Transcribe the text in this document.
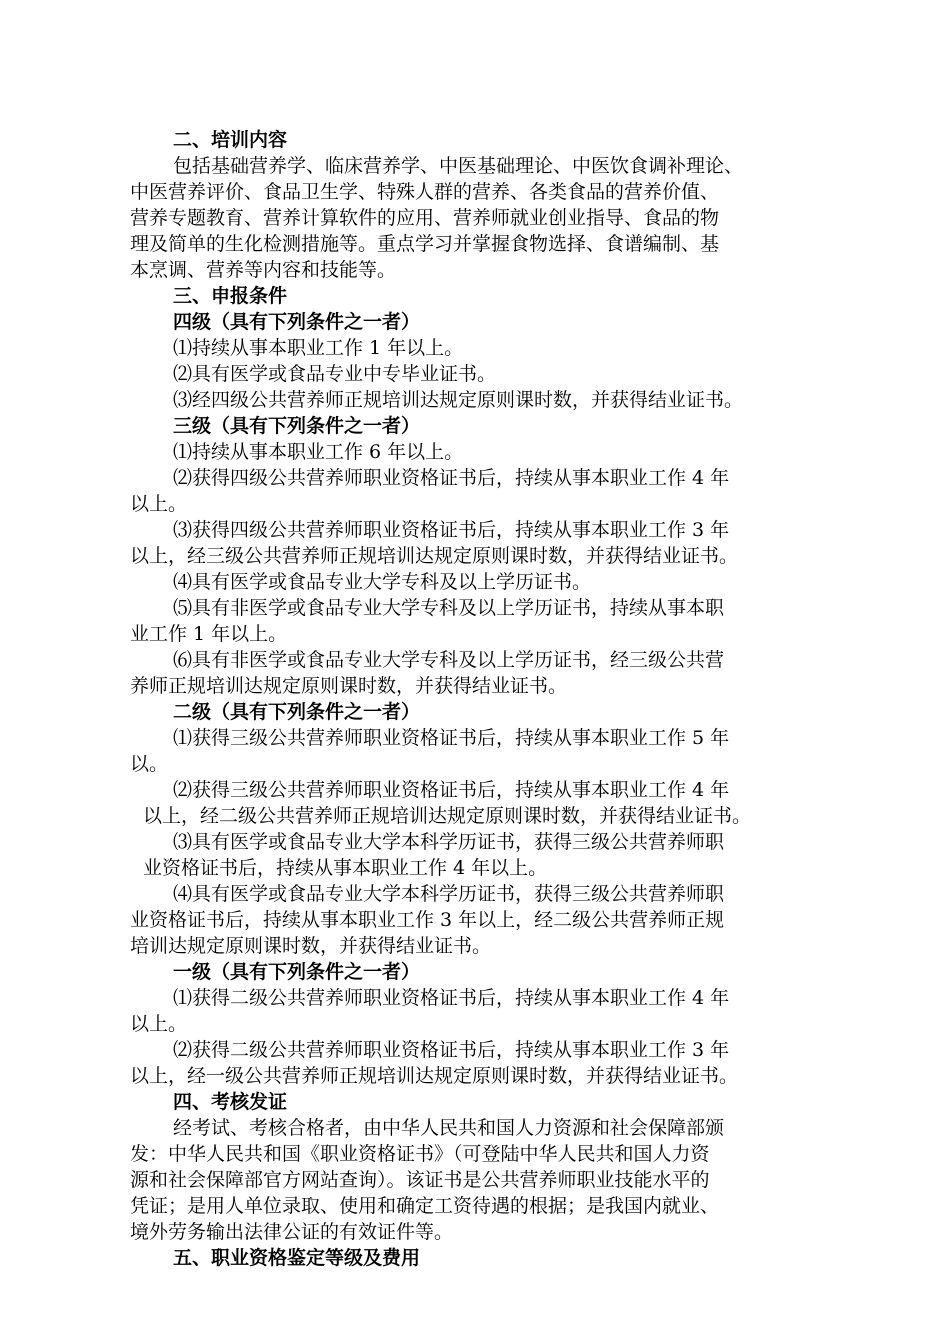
二、培训内容
包括基础营养学、临床营养学、中医基础理论、中医饮食调补理论、
中医营养评价、食品卫生学、特殊人群的营养、各类食品的营养价值、
营养专题教育、营养计算软件的应用、营养师就业创业指导、食品的物
理及简单的生化检测措施等。重点学习并掌握食物选择、食谱编制、基
本烹调、营养等内容和技能等。
三、申报条件
四级（具有下列条件之一者）
⑴持续从事本职业工作 1 年以上。
⑵具有医学或食品专业中专毕业证书。
⑶经四级公共营养师正规培训达规定原则课时数，并获得结业证书。
三级（具有下列条件之一者）
⑴持续从事本职业工作 6 年以上。
⑵获得四级公共营养师职业资格证书后，持续从事本职业工作 4 年
以上。
⑶获得四级公共营养师职业资格证书后，持续从事本职业工作 3 年
以上，经三级公共营养师正规培训达规定原则课时数，并获得结业证书。
⑷具有医学或食品专业大学专科及以上学历证书。
⑸具有非医学或食品专业大学专科及以上学历证书，持续从事本职
业工作 1 年以上。
⑹具有非医学或食品专业大学专科及以上学历证书，经三级公共营
养师正规培训达规定原则课时数，并获得结业证书。
二级（具有下列条件之一者）
⑴获得三级公共营养师职业资格证书后，持续从事本职业工作 5 年
以。
⑵获得三级公共营养师职业资格证书后，持续从事本职业工作 4 年
以上，经二级公共营养师正规培训达规定原则课时数，并获得结业证书。
⑶具有医学或食品专业大学本科学历证书，获得三级公共营养师职
业资格证书后，持续从事本职业工作 4 年以上。
⑷具有医学或食品专业大学本科学历证书，获得三级公共营养师职
业资格证书后，持续从事本职业工作 3 年以上，经二级公共营养师正规
培训达规定原则课时数，并获得结业证书。
一级（具有下列条件之一者）
⑴获得二级公共营养师职业资格证书后，持续从事本职业工作 4 年
以上。
⑵获得二级公共营养师职业资格证书后，持续从事本职业工作 3 年
以上，经一级公共营养师正规培训达规定原则课时数，并获得结业证书。
四、考核发证
经考试、考核合格者，由中华人民共和国人力资源和社会保障部颁
发：中华人民共和国《职业资格证书》（可登陆中华人民共和国人力资
源和社会保障部官方网站查询）。该证书是公共营养师职业技能水平的
凭证；是用人单位录取、使用和确定工资待遇的根据；是我国内就业、
境外劳务输出法律公证的有效证件等。
五、职业资格鉴定等级及费用
